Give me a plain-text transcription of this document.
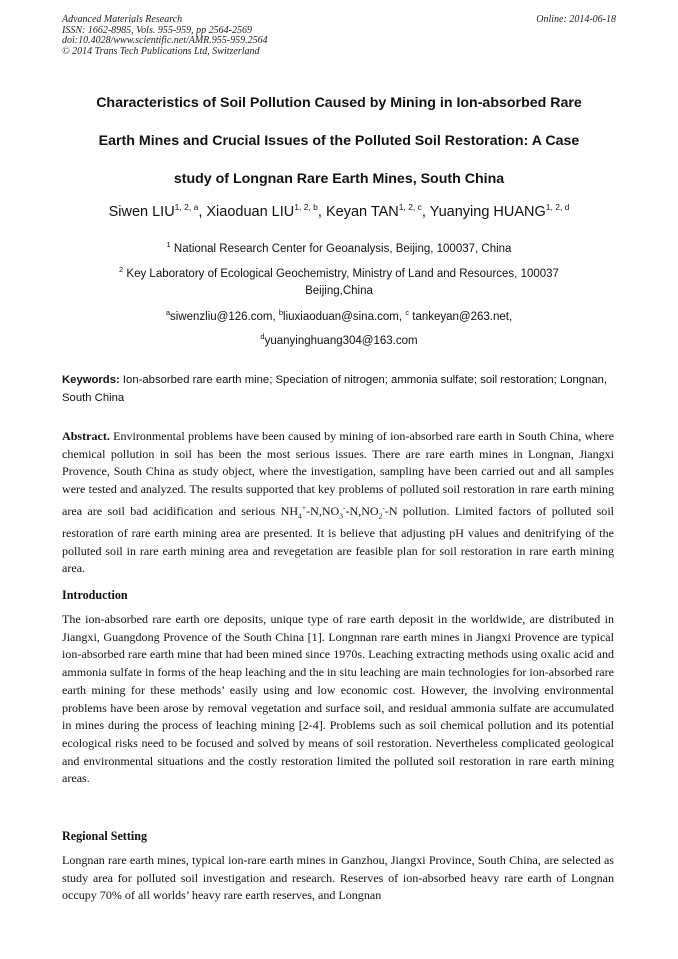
Advanced Materials Research
ISSN: 1662-8985, Vols. 955-959, pp 2564-2569
doi:10.4028/www.scientific.net/AMR.955-959.2564
© 2014 Trans Tech Publications Ltd, Switzerland
Online: 2014-06-18
Characteristics of Soil Pollution Caused by Mining in Ion-absorbed Rare
Earth Mines and Crucial Issues of the Polluted Soil Restoration: A Case
study of Longnan Rare Earth Mines, South China
Siwen LIU$^{1, 2, a}$, Xiaoduan LIU$^{1, 2, b}$, Keyan TAN$^{1, 2, c}$, Yuanying HUANG$^{1, 2, d}$
$^1$ National Research Center for Geoanalysis, Beijing, 100037, China
$^2$ Key Laboratory of Ecological Geochemistry, Ministry of Land and Resources, 100037
Beijing,China
$^a$siwenzliu@126.com, $^b$liuxiaoduan@sina.com, $^c$ tankeyan@263.net,
$^d$yuanyinghuang304@163.com
Keywords: Ion-absorbed rare earth mine; Speciation of nitrogen; ammonia sulfate; soil restoration; Longnan, South China
Abstract. Environmental problems have been caused by mining of ion-absorbed rare earth in South China, where chemical pollution in soil has been the most serious issues. There are rare earth mines in Longnan, Jiangxi Provence, South China as study object, where the investigation, sampling have been carried out and all samples were tested and analyzed. The results supported that key problems of polluted soil restoration in rare earth mining area are soil bad acidification and serious $NH_4^+-N,NO_3^--N,NO_2^--N$ pollution. Limited factors of polluted soil restoration of rare earth mining area are presented. It is believe that adjusting pH values and denitrifying of the polluted soil in rare earth mining area and revegetation are feasible plan for soil restoration in rare earth mining area.
Introduction
The ion-absorbed rare earth ore deposits, unique type of rare earth deposit in the worldwide, are distributed in Jiangxi, Guangdong Provence of the South China [1]. Longnnan rare earth mines in Jiangxi Provence are typical ion-absorbed rare earth mine that had been mined since 1970s. Leaching extracting methods using oxalic acid and ammonia sulfate in forms of the heap leaching and the in situ leaching are main technologies for ion-absorbed rare earth mining for these methods’ easily using and low economic cost. However, the involving environmental problems have been arose by removal vegetation and surface soil, and residual ammonia sulfate are accumulated in mines during the process of leaching mining [2-4]. Problems such as soil chemical pollution and its potential ecological risks need to be focused and solved by means of soil restoration. Nevertheless complicated geological and environmental situations and the costly restoration limited the polluted soil restoration in rare earth mining areas.
Regional Setting
Longnan rare earth mines, typical ion-rare earth mines in Ganzhou, Jiangxi Province, South China, are selected as study area for polluted soil investigation and research. Reserves of ion-absorbed heavy rare earth of Longnan occupy 70% of all worlds’ heavy rare earth reserves, and Longnan
